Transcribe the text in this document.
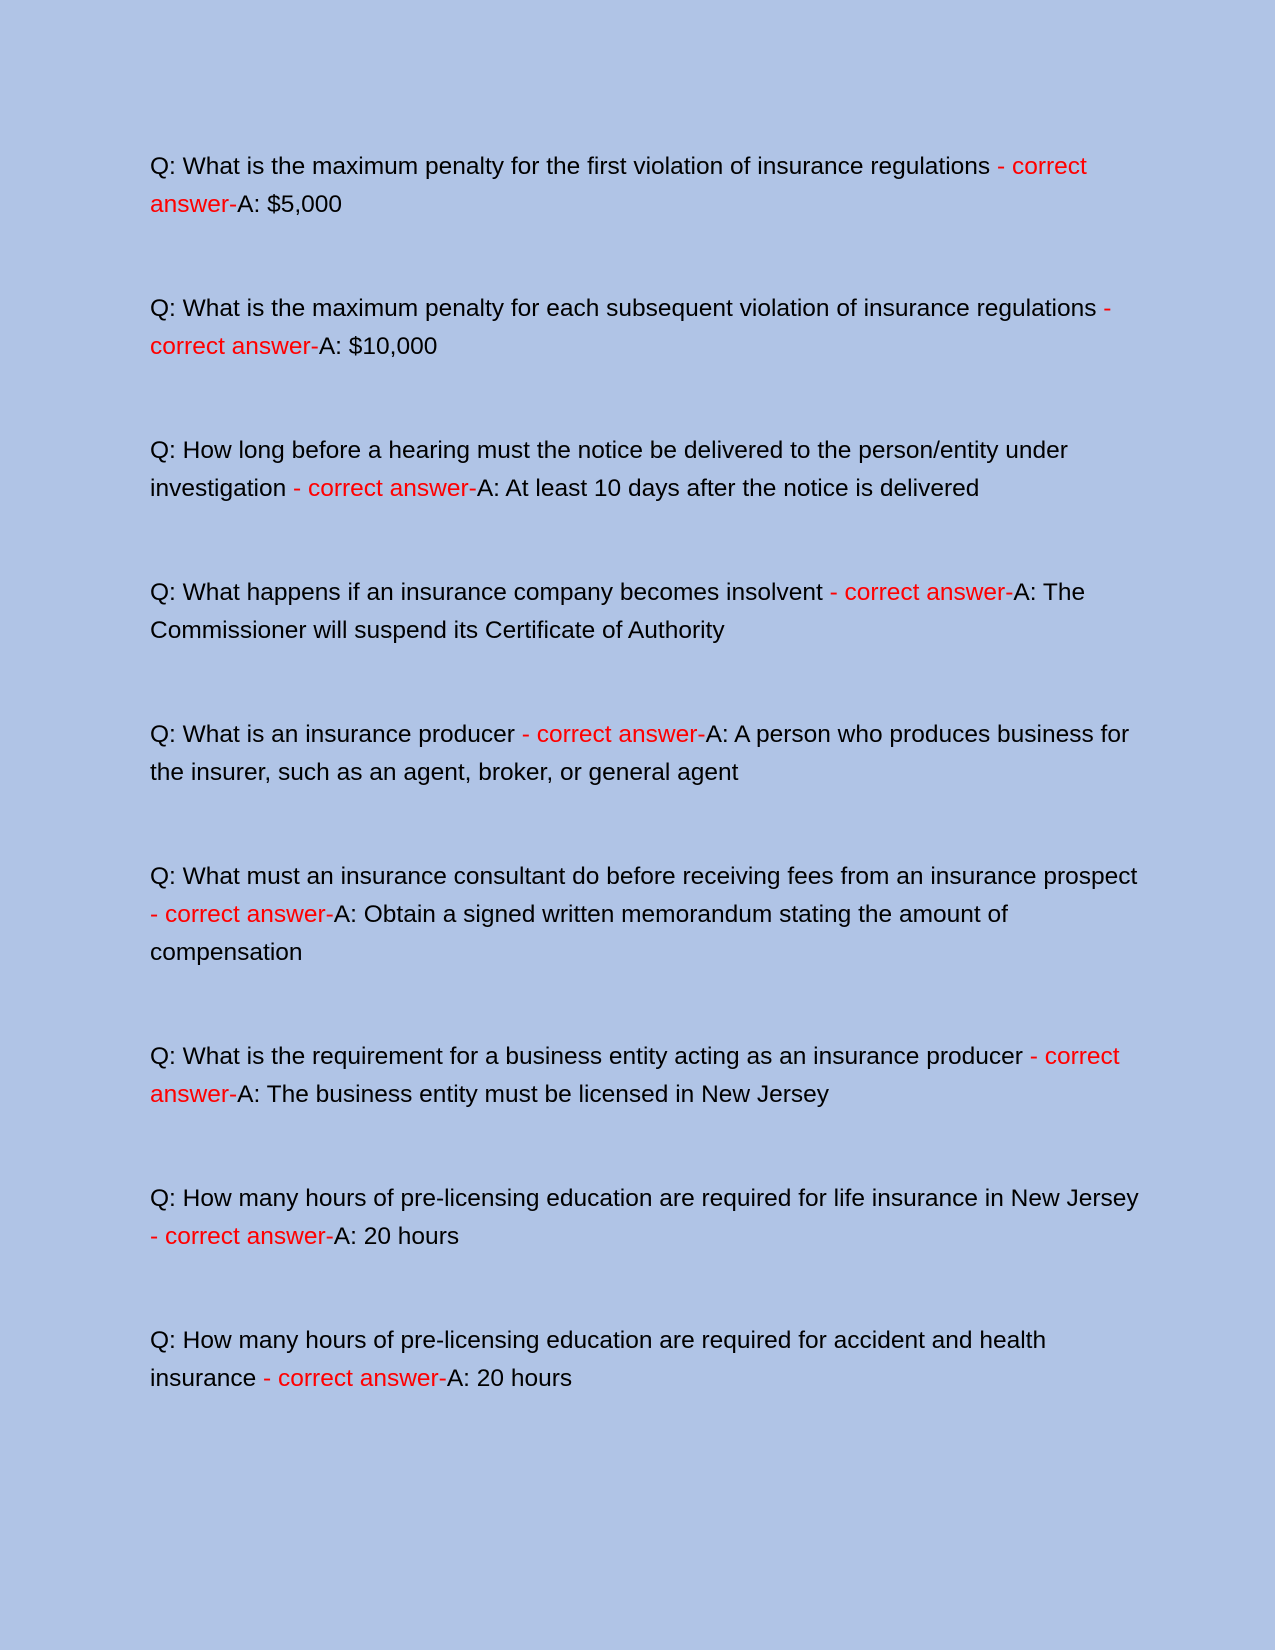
Q: What is the maximum penalty for the first violation of insurance regulations - correct answer-A: $5,000

Q: What is the maximum penalty for each subsequent violation of insurance regulations - correct answer-A: $10,000

Q: How long before a hearing must the notice be delivered to the person/entity under investigation - correct answer-A: At least 10 days after the notice is delivered

Q: What happens if an insurance company becomes insolvent - correct answer-A: The Commissioner will suspend its Certificate of Authority

Q: What is an insurance producer - correct answer-A: A person who produces business for the insurer, such as an agent, broker, or general agent

Q: What must an insurance consultant do before receiving fees from an insurance prospect - correct answer-A: Obtain a signed written memorandum stating the amount of compensation

Q: What is the requirement for a business entity acting as an insurance producer - correct answer-A: The business entity must be licensed in New Jersey

Q: How many hours of pre-licensing education are required for life insurance in New Jersey - correct answer-A: 20 hours

Q: How many hours of pre-licensing education are required for accident and health insurance - correct answer-A: 20 hours
